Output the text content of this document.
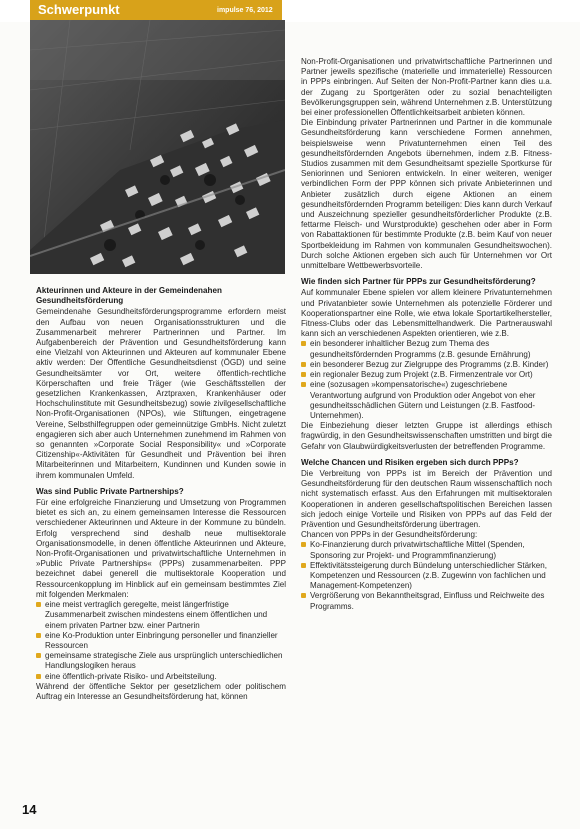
Schwerpunkt	impulse 76, 2012
Akteurinnen und Akteure in der Gemeindenahen Gesundheitsförderung

Gemeindenahe Gesundheitsförderungsprogramme erfordern meist den Aufbau von neuen Organisationsstrukturen und die Zusammenarbeit mehrerer Partnerinnen und Partner. Im Aufgabenbereich der Prävention und Gesundheitsförderung kann eine Vielzahl von Akteurinnen und Akteuren auf kommunaler Ebene aktiv werden: Der Öffentliche Gesundheitsdienst (ÖGD) und seine Gesundheitsämter vor Ort, weitere öffentlich-rechtliche Körperschaften und freie Träger (wie Geschäftsstellen der gesetzlichen Krankenkassen, Arztpraxen, Krankenhäuser oder Hochschulinstitute mit Gesundheitsbezug) sowie zivilgesellschaftliche Non-Profit-Organisationen (NPOs), wie Stiftungen, eingetragene Vereine, Selbsthilfegruppen oder gemeinnützige GmbHs. Nicht zuletzt engagieren sich aber auch Unternehmen zunehmend im Rahmen von so genannten »Corporate Social Responsibility« und »Corporate Citizenship«-Aktivitäten für Gesundheit und Prävention bei ihren Mitarbeiterinnen und Mitarbeitern, Kundinnen und Kunden sowie in ihrem kommunalen Umfeld.

Was sind Public Private Partnerships?

Für eine erfolgreiche Finanzierung und Umsetzung von Programmen bietet es sich an, zu einem gemeinsamen Interesse die Ressourcen verschiedener Akteurinnen und Akteure in der Kommune zu bündeln. Erfolg versprechend sind deshalb neue multisektorale Organisationsmodelle, in denen öffentliche Akteurinnen und Akteure, Non-Profit-Organisationen und privatwirtschaftliche Unternehmen in »Public Private Partnerships« (PPPs) zusammenarbeiten. PPP bezeichnet dabei generell die multisektorale Kooperation und Ressourcenkopplung im Hinblick auf ein gemeinsam bestimmtes Ziel mit folgenden Merkmalen:

eine meist vertraglich geregelte, meist längerfristige Zusammenarbeit zwischen mindestens einem öffentlichen und einem privaten Partner bzw. einer Partnerin
eine Ko-Produktion unter Einbringung personeller und finanzieller Ressourcen
gemeinsame strategische Ziele aus ursprünglich unterschiedlichen Handlungslogiken heraus
eine öffentlich-private Risiko- und Arbeitsteilung.

Während der öffentliche Sektor per gesetzlichem oder politischem Auftrag ein Interesse an Gesundheitsförderung hat, können

Non-Profit-Organisationen und privatwirtschaftliche Partnerinnen und Partner jeweils spezifische (materielle und immaterielle) Ressourcen in PPPs einbringen. Auf Seiten der Non-Profit-Partner kann dies u.a. der Zugang zu Sportgeräten oder zu sozial benachteiligten Bevölkerungsgruppen sein, während Unternehmen z.B. Unterstützung bei einer professionellen Öffentlichkeitsarbeit anbieten können.

Die Einbindung privater Partnerinnen und Partner in die kommunale Gesundheitsförderung kann verschiedene Formen annehmen, beispielsweise wenn Privatunternehmen einen Teil des gesundheitsfördernden Angebots übernehmen, indem z.B. Fitness-Studios zusammen mit dem Gesundheitsamt spezielle Sportkurse für Seniorinnen und Senioren entwickeln. In einer weiteren, weniger verbindlichen Form der PPP können sich private Anbieterinnen und Anbieter zusätzlich durch eigene Aktionen an einem gesundheitsfördernden Programm beteiligen: Dies kann durch Verkauf und Auszeichnung spezieller gesundheitsförderlicher Produkte (z.B. fettarme Fleisch- und Wurstprodukte) geschehen oder aber in Form von Rabattaktionen für bestimmte Produkte (z.B. beim Kauf von neuer Sportbekleidung im Rahmen von kommunalen Gesundheitswochen). Durch solche Aktionen ergeben sich auch für Unternehmen vor Ort unmittelbare Wettbewerbsvorteile.

Wie finden sich Partner für PPPs zur Gesundheitsförderung?

Auf kommunaler Ebene spielen vor allem kleinere Privatunternehmen und Privatanbieter sowie Unternehmen als potenzielle Förderer und Kooperationspartner eine Rolle, wie etwa lokale Sportartikelhersteller, Fitness-Clubs oder das Lebensmittelhandwerk. Die Partnerauswahl kann sich an verschiedenen Aspekten orientieren, wie z.B.

ein besonderer inhaltlicher Bezug zum Thema des gesundheitsfördernden Programms (z.B. gesunde Ernährung)
ein besonderer Bezug zur Zielgruppe des Programms (z.B. Kinder)
ein regionaler Bezug zum Projekt (z.B. Firmenzentrale vor Ort)
eine (sozusagen »kompensatorische«) zugeschriebene Verantwortung aufgrund von Produktion oder Angebot von eher gesundheitsschädlichen Gütern und Leistungen (z.B. Fastfood-Unternehmen).

Die Einbeziehung dieser letzten Gruppe ist allerdings ethisch fragwürdig, in den Gesundheitswissenschaften umstritten und birgt die Gefahr von Glaubwürdigkeitsverlusten der betreffenden Programme.

Welche Chancen und Risiken ergeben sich durch PPPs?

Die Verbreitung von PPPs ist im Bereich der Prävention und Gesundheitsförderung für den deutschen Raum wissenschaftlich noch nicht systematisch erfasst. Aus den Erfahrungen mit multisektoralen Kooperationen in anderen gesellschaftspolitischen Bereichen lassen sich jedoch einige Vorteile und Risiken von PPPs auf das Feld der Prävention und Gesundheitsförderung übertragen.

Chancen von PPPs in der Gesundheitsförderung:

Ko-Finanzierung durch privatwirtschaftliche Mittel (Spenden, Sponsoring zur Projekt- und Programmfinanzierung)
Effektivitätssteigerung durch Bündelung unterschiedlicher Stärken, Kompetenzen und Ressourcen (z.B. Zugewinn von fachlichen und Management-Kompetenzen)
Vergrößerung von Bekanntheitsgrad, Einfluss und Reichweite des Programms.
14
